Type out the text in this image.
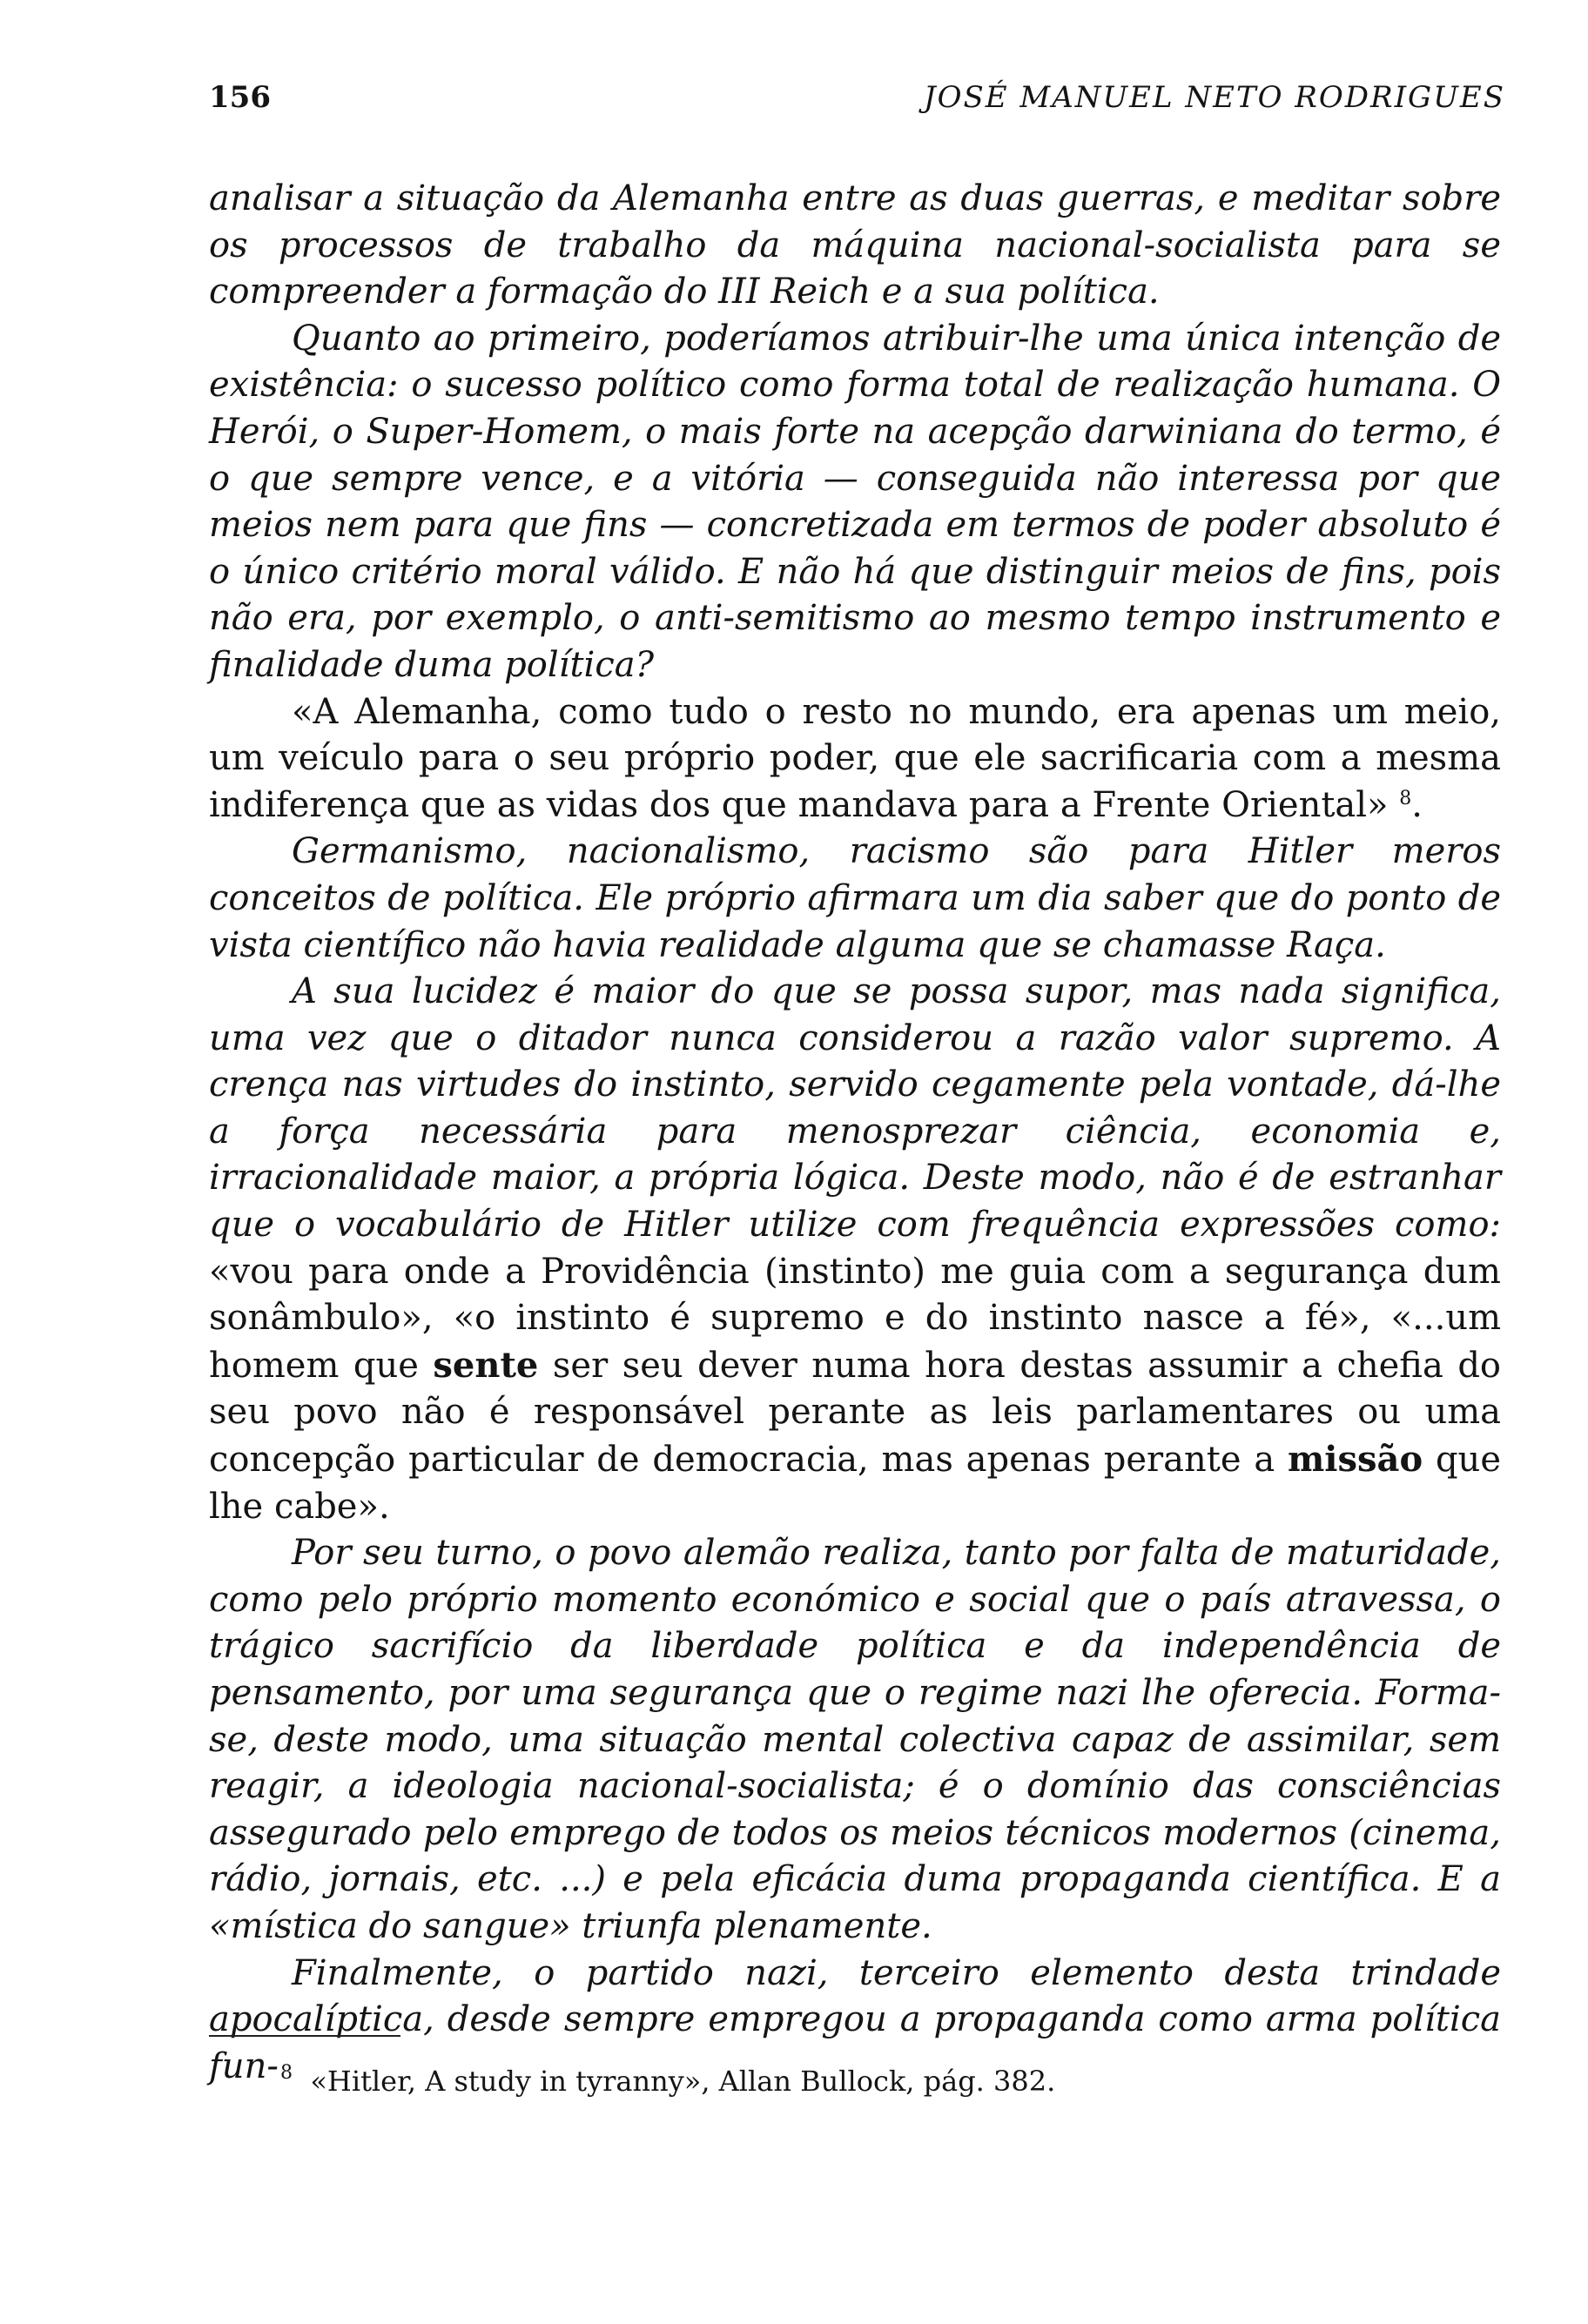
156	JOSÉ MANUEL NETO RODRIGUES

analisar a situação da Alemanha entre as duas guerras, e meditar sobre os processos de trabalho da máquina nacional-socialista para se compreender a formação do III Reich e a sua política.

Quanto ao primeiro, poderíamos atribuir-lhe uma única intenção de existência: o sucesso político como forma total de realização humana. O Herói, o Super-Homem, o mais forte na acepção darwiniana do termo, é o que sempre vence, e a vitória — conseguida não interessa por que meios nem para que fins — concretizada em termos de poder absoluto é o único critério moral válido. E não há que distinguir meios de fins, pois não era, por exemplo, o anti-semitismo ao mesmo tempo instrumento e finalidade duma política?

«A Alemanha, como tudo o resto no mundo, era apenas um meio, um veículo para o seu próprio poder, que ele sacrificaria com a mesma indiferença que as vidas dos que mandava para a Frente Oriental» $^8$.

Germanismo, nacionalismo, racismo são para Hitler meros conceitos de política. Ele próprio afirmara um dia saber que do ponto de vista científico não havia realidade alguma que se chamasse Raça.

A sua lucidez é maior do que se possa supor, mas nada significa, uma vez que o ditador nunca considerou a razão valor supremo. A crença nas virtudes do instinto, servido cegamente pela vontade, dá-lhe a força necessária para menosprezar ciência, economia e, irracionalidade maior, a própria lógica. Deste modo, não é de estranhar que o vocabulário de Hitler utilize com frequência expressões como: «vou para onde a Providência (instinto) me guia com a segurança dum sonâmbulo», «o instinto é supremo e do instinto nasce a fé», «...um homem que sente ser seu dever numa hora destas assumir a chefia do seu povo não é responsável perante as leis parlamentares ou uma concepção particular de democracia, mas apenas perante a missão que lhe cabe».

Por seu turno, o povo alemão realiza, tanto por falta de maturidade, como pelo próprio momento económico e social que o país atravessa, o trágico sacrifício da liberdade política e da independência de pensamento, por uma segurança que o regime nazi lhe oferecia. Forma-se, deste modo, uma situação mental colectiva capaz de assimilar, sem reagir, a ideologia nacional-socialista; é o domínio das consciências assegurado pelo emprego de todos os meios técnicos modernos (cinema, rádio, jornais, etc. ...) e pela eficácia duma propaganda científica. E a «mística do sangue» triunfa plenamente.

Finalmente, o partido nazi, terceiro elemento desta trindade apocalíptica, desde sempre empregou a propaganda como arma política fun- $^8$ «Hitler, A study in tyranny», Allan Bullock, pág. 382.
